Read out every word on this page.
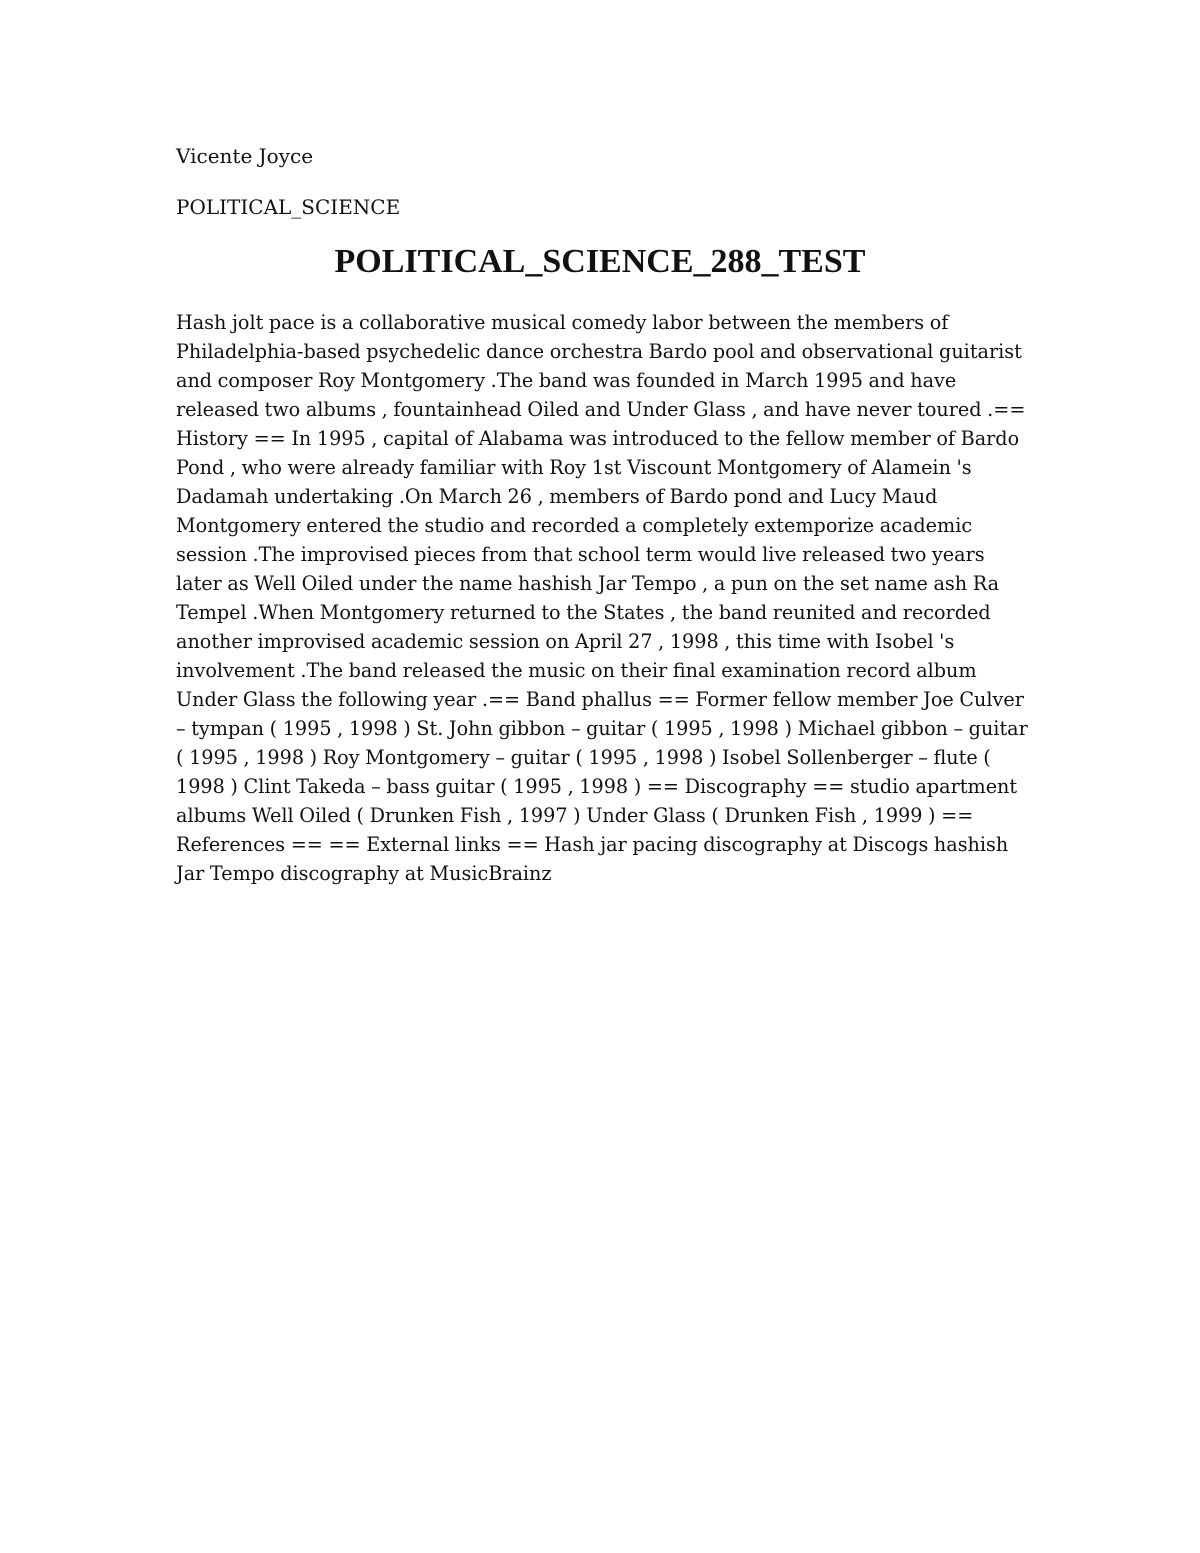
Vicente Joyce
POLITICAL_SCIENCE
POLITICAL_SCIENCE_288_TEST

Hash jolt pace is a collaborative musical comedy labor between the members of Philadelphia-based psychedelic dance orchestra Bardo pool and observational guitarist and composer Roy Montgomery .The band was founded in March 1995 and have released two albums , fountainhead Oiled and Under Glass , and have never toured .== History == In 1995 , capital of Alabama was introduced to the fellow member of Bardo Pond , who were already familiar with Roy 1st Viscount Montgomery of Alamein 's Dadamah undertaking .On March 26 , members of Bardo pond and Lucy Maud Montgomery entered the studio and recorded a completely extemporize academic session .The improvised pieces from that school term would live released two years later as Well Oiled under the name hashish Jar Tempo , a pun on the set name ash Ra Tempel .When Montgomery returned to the States , the band reunited and recorded another improvised academic session on April 27 , 1998 , this time with Isobel 's involvement .The band released the music on their final examination record album Under Glass the following year .== Band phallus == Former fellow member Joe Culver – tympan ( 1995 , 1998 ) St. John gibbon – guitar ( 1995 , 1998 ) Michael gibbon – guitar ( 1995 , 1998 ) Roy Montgomery – guitar ( 1995 , 1998 ) Isobel Sollenberger – flute ( 1998 ) Clint Takeda – bass guitar ( 1995 , 1998 ) == Discography == studio apartment albums Well Oiled ( Drunken Fish , 1997 ) Under Glass ( Drunken Fish , 1999 ) == References == == External links == Hash jar pacing discography at Discogs hashish Jar Tempo discography at MusicBrainz
